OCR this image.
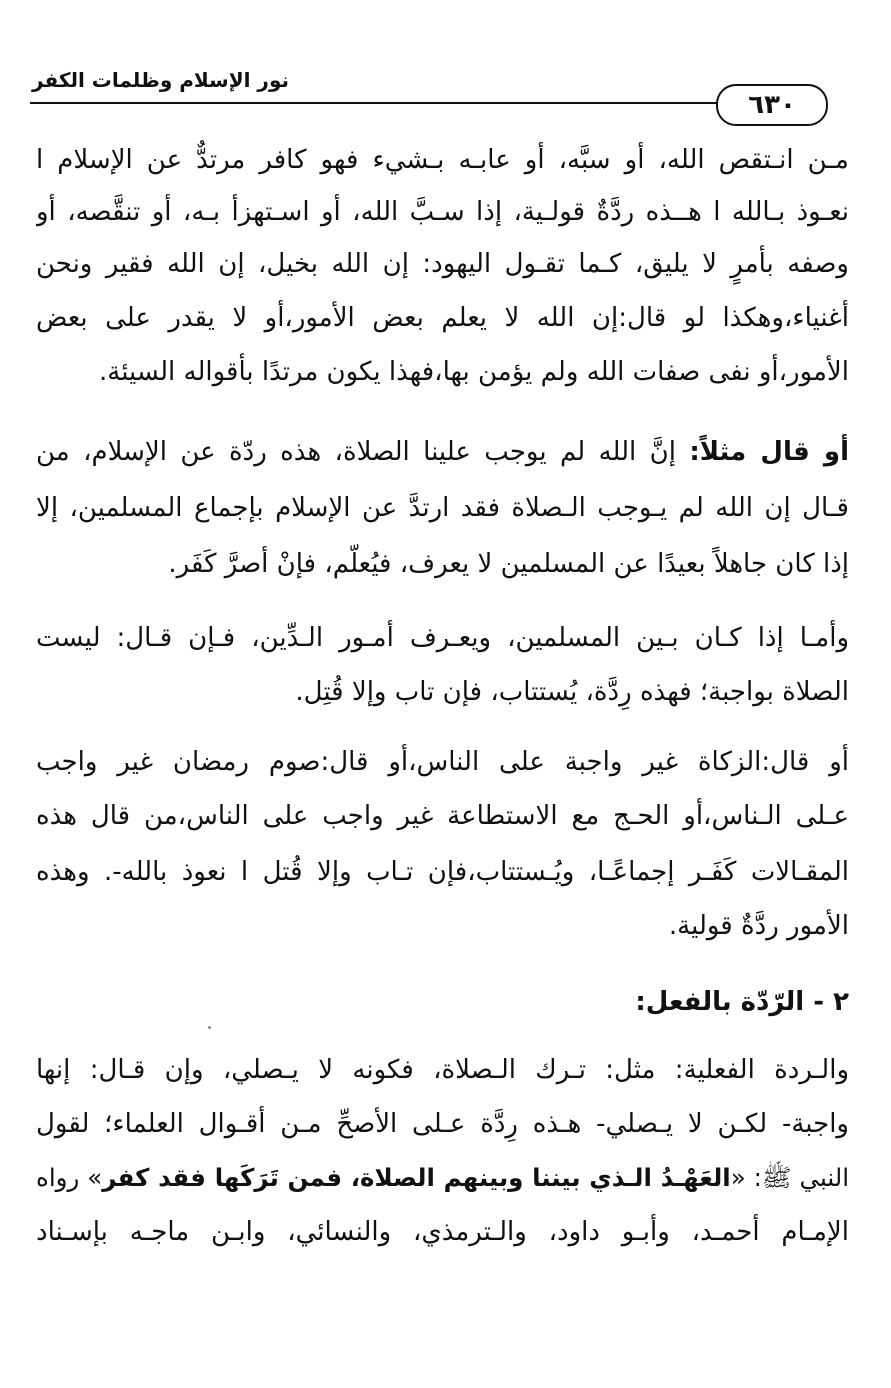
نور الإسلام وظلمات الكفر
٦٣٠
مـن انـتقص الله، أو سبَّه، أو عابـه بـشيء فهو كافر مرتدٌّ عن الإسلام ا
نعـوذ بـالله ا هــذه ردَّةٌ قولـية، إذا سـبَّ الله، أو اسـتهزأ بـه، أو تنقَّصه، أو
وصفه بأمرٍ لا يليق، كـما تقـول اليهود: إن الله بخيل، إن الله فقير ونحن
أغنياء،وهكذا لو قال:إن الله لا يعلم بعض الأمور،أو لا يقدر على بعض
الأمور،أو نفى صفات الله ولم يؤمن بها،فهذا يكون مرتدًا بأقواله السيئة.
أو قال مثلاً: إنَّ الله لم يوجب علينا الصلاة، هذه ردّة عن الإسلام، من
قـال إن الله لم يـوجب الـصلاة فقد ارتدَّ عن الإسلام بإجماع المسلمين، إلا
إذا كان جاهلاً بعيدًا عن المسلمين لا يعرف، فيُعلَّم، فإنْ أصرَّ كَفَر.
وأمـا إذا كـان بـين المسلمين، ويعـرف أمـور الـدِّين، فـإن قـال: ليست
الصلاة بواجبة؛ فهذه رِدَّة، يُستتاب، فإن تاب وإلا قُتِل.
أو قال:الزكاة غير واجبة على الناس،أو قال:صوم رمضان غير واجب
عـلى الـناس،أو الحـج مع الاستطاعة غير واجب على الناس،من قال هذه
المقـالات كَفَـر إجماعًـا، ويُـستتاب،فإن تـاب وإلا قُتل ا نعوذ بالله-. وهذه
الأمور ردَّةٌ قولية.
٢ - الرّدّة بالفعل:
والـردة الفعلية: مثل: تـرك الـصلاة، فكونه لا يـصلي، وإن قـال: إنها
واجبة- لكـن لا يـصلي- هـذه رِدَّة عـلى الأصحِّ مـن أقـوال العلماء؛ لقول
النبي ﷺ: «العَهْـدُ الـذي بيننا وبينهم الصلاة، فمن تَرَكَها فقد كفر» رواه
الإمـام أحمـد، وأبـو داود، والـترمذي، والنسائي، وابـن ماجـه بإسـناد
